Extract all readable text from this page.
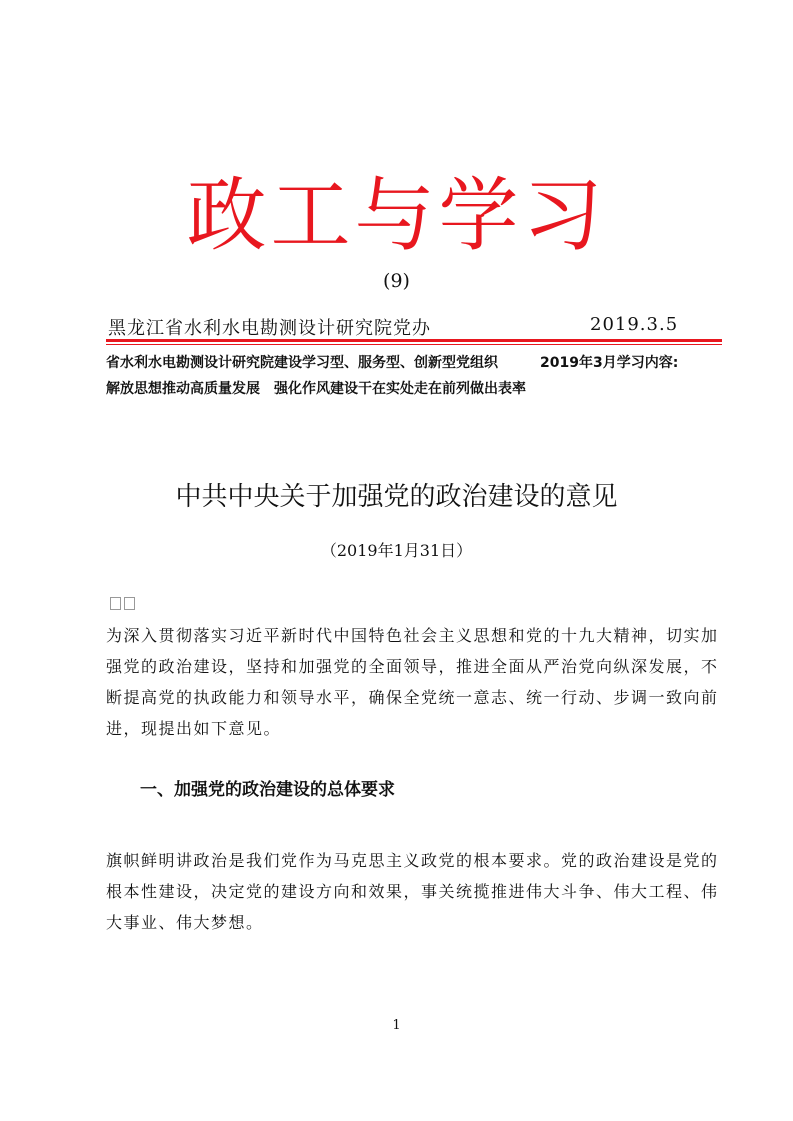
政工与学习
(9)
黑龙江省水利水电勘测设计研究院党办	2019.3.5
省水利水电勘测设计研究院建设学习型、服务型、创新型党组织	2019年3月学习内容:
解放思想推动高质量发展　强化作风建设干在实处走在前列做出表率
中共中央关于加强党的政治建设的意见
（2019年1月31日）

为深入贯彻落实习近平新时代中国特色社会主义思想和党的十九大精神，切实加强党的政治建设，坚持和加强党的全面领导，推进全面从严治党向纵深发展，不断提高党的执政能力和领导水平，确保全党统一意志、统一行动、步调一致向前进，现提出如下意见。

一、加强党的政治建设的总体要求

旗帜鲜明讲政治是我们党作为马克思主义政党的根本要求。党的政治建设是党的根本性建设，决定党的建设方向和效果，事关统揽推进伟大斗争、伟大工程、伟大事业、伟大梦想。

1
